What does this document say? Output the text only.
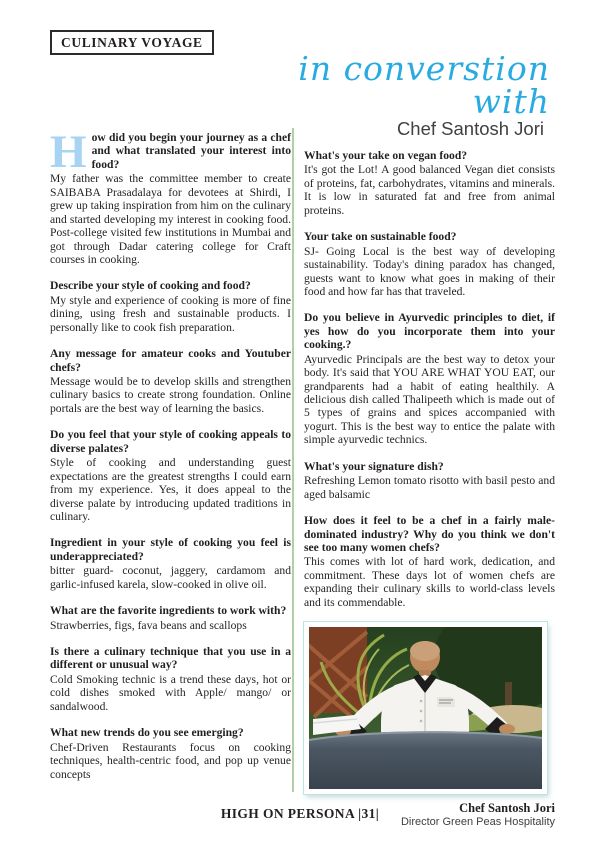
CULINARY VOYAGE
in converstion with
Chef Santosh Jori

How did you begin your journey as a chef and what translated your interest into food?

My father was the committee member to create SAIBABA Prasadalaya for devotees at Shirdi, I grew up taking inspiration from him on the culinary and started developing my interest in cooking food. Post-college visited few institutions in Mumbai and got through Dadar catering college for Craft courses in cooking.

Describe your style of cooking and food?

My style and experience of cooking is more of fine dining, using fresh and sustainable products. I personally like to cook fish preparation.

Any message for amateur cooks and Youtuber chefs?

Message would be to develop skills and strengthen culinary basics to create strong foundation. Online portals are the best way of learning the basics.

Do you feel that your style of cooking appeals to diverse palates?

Style of cooking and understanding guest expectations are the greatest strengths I could earn from my experience. Yes, it does appeal to the diverse palate by introducing updated traditions in culinary.

Ingredient in your style of cooking you feel is underappreciated?

bitter guard- coconut, jaggery, cardamom and garlic-infused karela, slow-cooked in olive oil.

What are the favorite ingredients to work with?

Strawberries, figs, fava beans and scallops

Is there a culinary technique that you use in a different or unusual way?

Cold Smoking technic is a trend these days, hot or cold dishes smoked with Apple/ mango/ or sandalwood.

What new trends do you see emerging?

Chef-Driven Restaurants focus on cooking techniques, health-centric food, and pop up venue concepts

What's your take on vegan food?

It's got the Lot! A good balanced Vegan diet consists of proteins, fat, carbohydrates, vitamins and minerals. It is low in saturated fat and free from animal proteins.

Your take on sustainable food?

SJ- Going Local is the best way of developing sustainability. Today's dining paradox has changed, guests want to know what goes in making of their food and how far has that traveled.

Do you believe in Ayurvedic principles to diet, if yes how do you incorporate them into your cooking.?

Ayurvedic Principals are the best way to detox your body. It's said that YOU ARE WHAT YOU EAT, our grandparents had a habit of eating healthily. A delicious dish called Thalipeeth which is made out of 5 types of grains and spices accompanied with yogurt. This is the best way to entice the palate with simple ayurvedic technics.

What's your signature dish?

Refreshing Lemon tomato risotto with basil pesto and aged balsamic

How does it feel to be a chef in a fairly male-dominated industry? Why do you think we don't see too many women chefs?

This comes with lot of hard work, dedication, and commitment. These days lot of women chefs are expanding their culinary skills to world-class levels and its commendable.

Chef Santosh Jori
Director Green Peas Hospitality
HIGH ON PERSONA |31|
